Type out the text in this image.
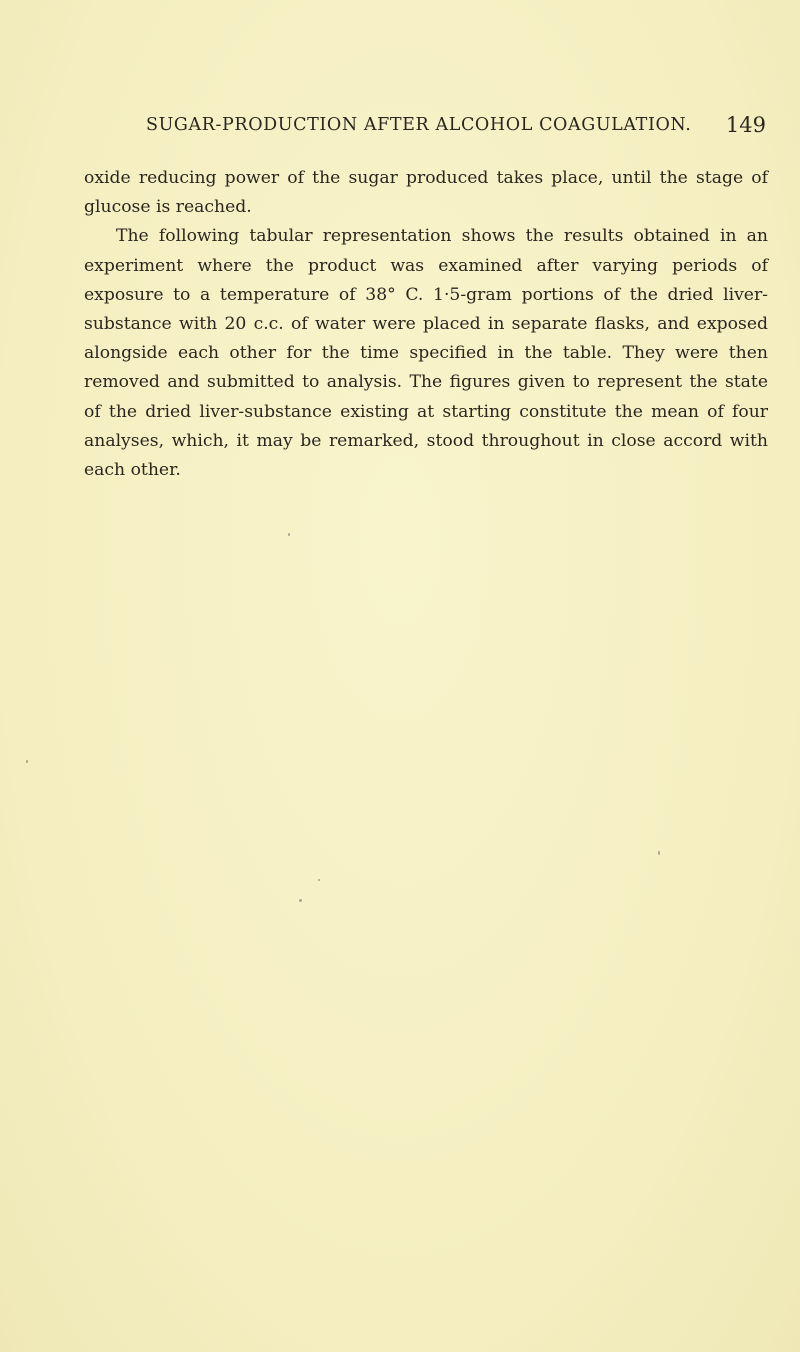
SUGAR-PRODUCTION AFTER ALCOHOL COAGULATION. 149

oxide reducing power of the sugar produced takes place, until the stage of glucose is reached.

The following tabular representation shows the results obtained in an experiment where the product was examined after varying periods of exposure to a temperature of 38° C. 1·5-gram portions of the dried liver-substance with 20 c.c. of water were placed in separate flasks, and exposed alongside each other for the time specified in the table. They were then removed and submitted to analysis. The figures given to represent the state of the dried liver-substance existing at starting constitute the mean of four analyses, which, it may be remarked, stood throughout in close accord with each other.
